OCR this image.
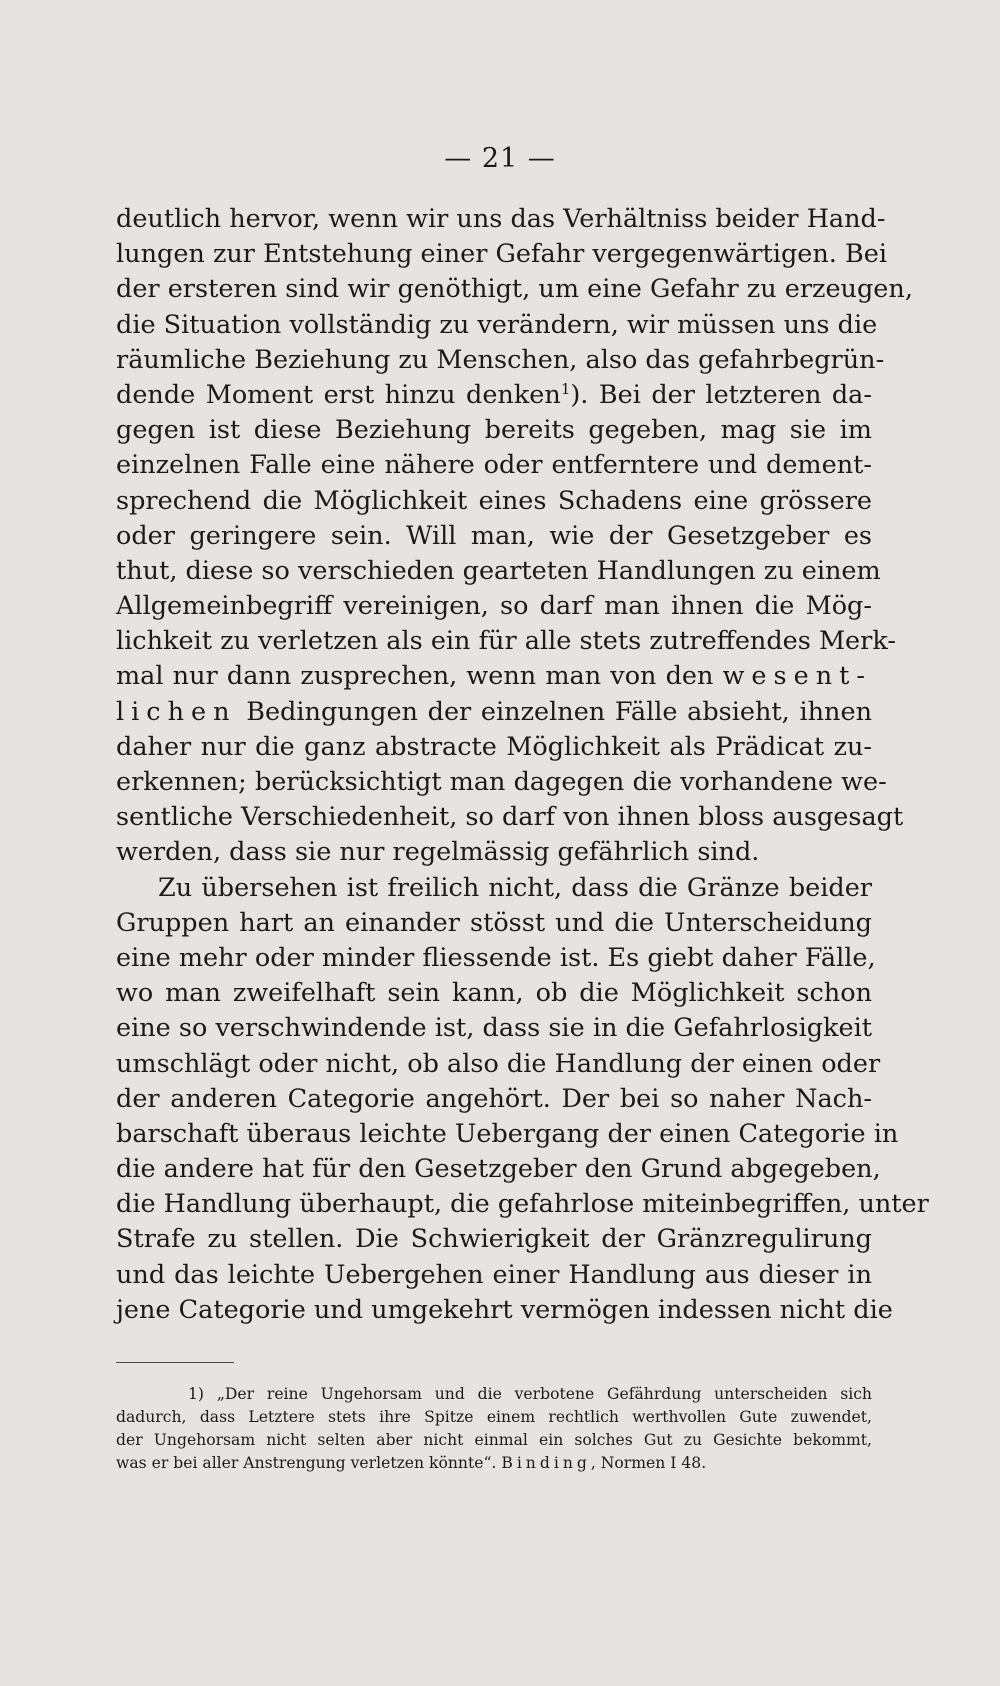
— 21 —
deutlich hervor, wenn wir uns das Verhältniss beider Hand-
lungen zur Entstehung einer Gefahr vergegenwärtigen. Bei
der ersteren sind wir genöthigt, um eine Gefahr zu erzeugen,
die Situation vollständig zu verändern, wir müssen uns die
räumliche Beziehung zu Menschen, also das gefahrbegrün-
dende Moment erst hinzu denken$^1$). Bei der letzteren da-
gegen ist diese Beziehung bereits gegeben, mag sie im
einzelnen Falle eine nähere oder entferntere und dement-
sprechend die Möglichkeit eines Schadens eine grössere
oder geringere sein. Will man, wie der Gesetzgeber es
thut, diese so verschieden gearteten Handlungen zu einem
Allgemeinbegriff vereinigen, so darf man ihnen die Mög-
lichkeit zu verletzen als ein für alle stets zutreffendes Merk-
mal nur dann zusprechen, wenn man von den wesent-
lichen Bedingungen der einzelnen Fälle absieht, ihnen
daher nur die ganz abstracte Möglichkeit als Prädicat zu-
erkennen; berücksichtigt man dagegen die vorhandene we-
sentliche Verschiedenheit, so darf von ihnen bloss ausgesagt
werden, dass sie nur regelmässig gefährlich sind.
Zu übersehen ist freilich nicht, dass die Gränze beider
Gruppen hart an einander stösst und die Unterscheidung
eine mehr oder minder fliessende ist. Es giebt daher Fälle,
wo man zweifelhaft sein kann, ob die Möglichkeit schon
eine so verschwindende ist, dass sie in die Gefahrlosigkeit
umschlägt oder nicht, ob also die Handlung der einen oder
der anderen Categorie angehört. Der bei so naher Nach-
barschaft überaus leichte Uebergang der einen Categorie in
die andere hat für den Gesetzgeber den Grund abgegeben,
die Handlung überhaupt, die gefahrlose miteinbegriffen, unter
Strafe zu stellen. Die Schwierigkeit der Gränzregulirung
und das leichte Uebergehen einer Handlung aus dieser in
jene Categorie und umgekehrt vermögen indessen nicht die
1) „Der reine Ungehorsam und die verbotene Gefährdung unterscheiden sich
dadurch, dass Letztere stets ihre Spitze einem rechtlich werthvollen Gute zuwendet,
der Ungehorsam nicht selten aber nicht einmal ein solches Gut zu Gesichte bekommt,
was er bei aller Anstrengung verletzen könnte“. Binding, Normen I 48.
